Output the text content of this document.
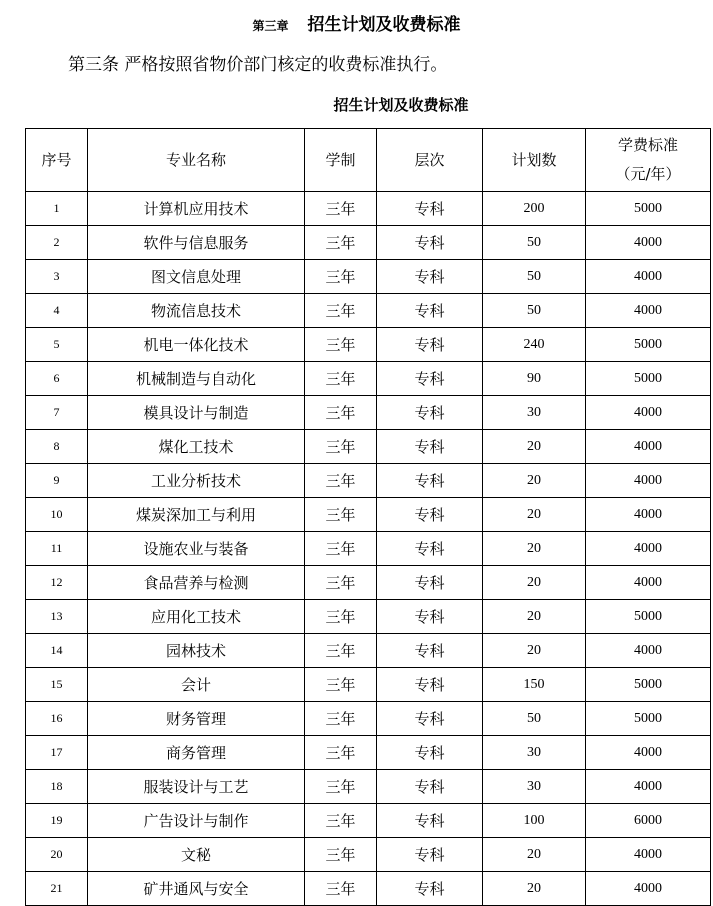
第三章 招生计划及收费标准
第三条 严格按照省物价部门核定的收费标准执行。
招生计划及收费标准
序号	专业名称	学制	层次	计划数	学费标准
（元/年）

1	计算机应用技术	三年	专科	200	5000
2	软件与信息服务	三年	专科	50	4000
3	图文信息处理	三年	专科	50	4000
4	物流信息技术	三年	专科	50	4000
5	机电一体化技术	三年	专科	240	5000
6	机械制造与自动化	三年	专科	90	5000
7	模具设计与制造	三年	专科	30	4000
8	煤化工技术	三年	专科	20	4000
9	工业分析技术	三年	专科	20	4000
10	煤炭深加工与利用	三年	专科	20	4000
11	设施农业与装备	三年	专科	20	4000
12	食品营养与检测	三年	专科	20	4000
13	应用化工技术	三年	专科	20	5000
14	园林技术	三年	专科	20	4000
15	会计	三年	专科	150	5000
16	财务管理	三年	专科	50	5000
17	商务管理	三年	专科	30	4000
18	服装设计与工艺	三年	专科	30	4000
19	广告设计与制作	三年	专科	100	6000
20	文秘	三年	专科	20	4000
21	矿井通风与安全	三年	专科	20	4000
